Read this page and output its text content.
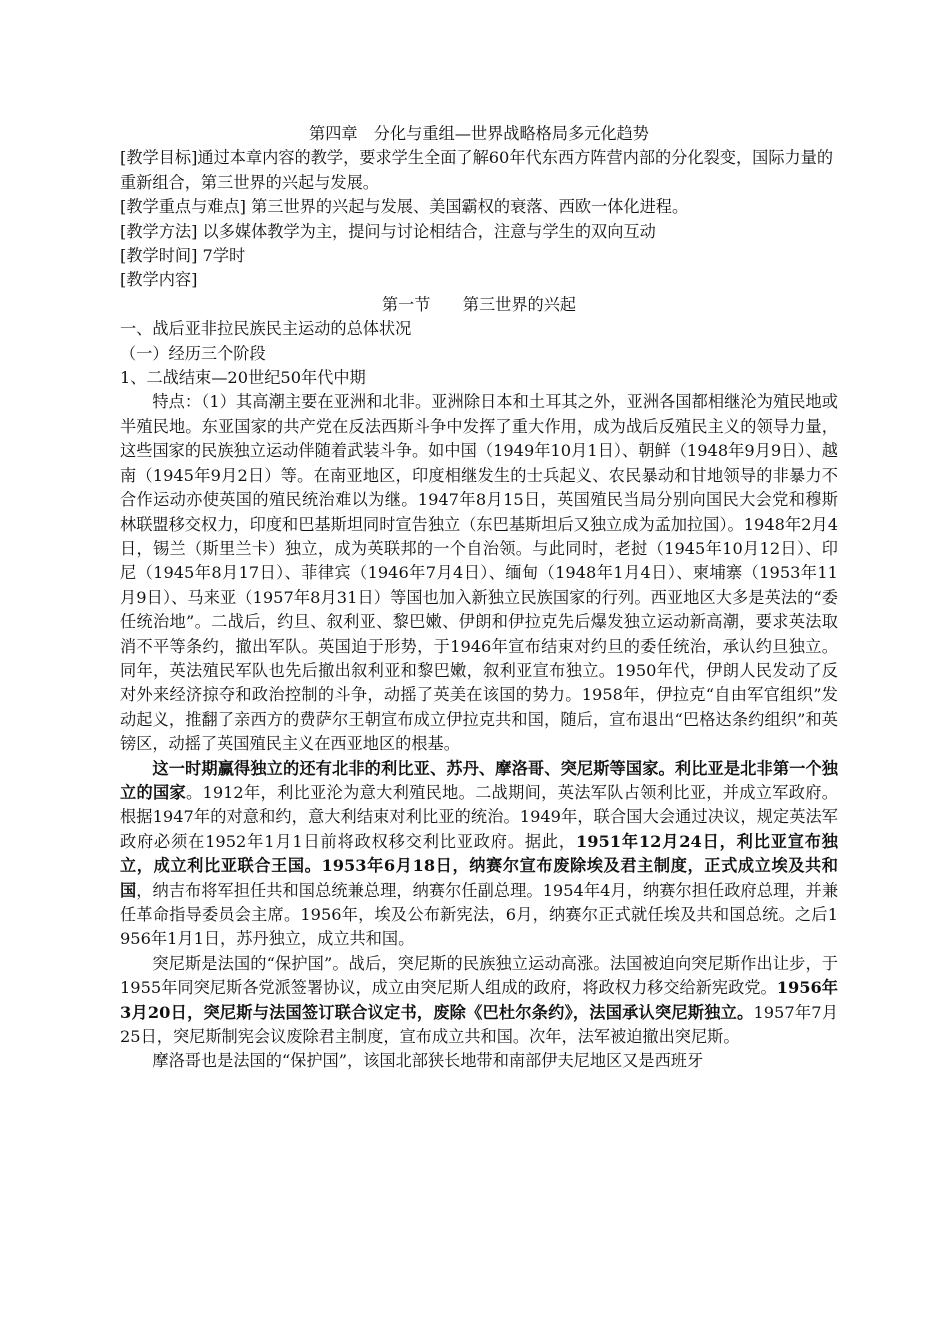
第四章　分化与重组—世界战略格局多元化趋势
[教学目标]通过本章内容的教学，要求学生全面了解60年代东西方阵营内部的分化裂变，国际力量的重新组合，第三世界的兴起与发展。
[教学重点与难点] 第三世界的兴起与发展、美国霸权的衰落、西欧一体化进程。
[教学方法] 以多媒体教学为主，提问与讨论相结合，注意与学生的双向互动
[教学时间] 7学时
[教学内容]
第一节　　第三世界的兴起
一、战后亚非拉民族民主运动的总体状况
（一）经历三个阶段
1、二战结束—20世纪50年代中期

特点：（1）其高潮主要在亚洲和北非。亚洲除日本和土耳其之外，亚洲各国都相继沦为殖民地或半殖民地。东亚国家的共产党在反法西斯斗争中发挥了重大作用，成为战后反殖民主义的领导力量，这些国家的民族独立运动伴随着武装斗争。如中国（1949年10月1日）、朝鲜（1948年9月9日）、越南（1945年9月2日）等。在南亚地区，印度相继发生的士兵起义、农民暴动和甘地领导的非暴力不合作运动亦使英国的殖民统治难以为继。1947年8月15日，英国殖民当局分别向国民大会党和穆斯林联盟移交权力，印度和巴基斯坦同时宣告独立（东巴基斯坦后又独立成为孟加拉国）。1948年2月4日，锡兰（斯里兰卡）独立，成为英联邦的一个自治领。与此同时，老挝（1945年10月12日）、印尼（1945年8月17日）、菲律宾（1946年7月4日）、缅甸（1948年1月4日）、柬埔寨（1953年11月9日）、马来亚（1957年8月31日）等国也加入新独立民族国家的行列。西亚地区大多是英法的“委任统治地”。二战后，约旦、叙利亚、黎巴嫩、伊朗和伊拉克先后爆发独立运动新高潮，要求英法取消不平等条约，撤出军队。英国迫于形势，于1946年宣布结束对约旦的委任统治，承认约旦独立。同年，英法殖民军队也先后撤出叙利亚和黎巴嫩，叙利亚宣布独立。1950年代，伊朗人民发动了反对外来经济掠夺和政治控制的斗争，动摇了英美在该国的势力。1958年，伊拉克“自由军官组织”发动起义，推翻了亲西方的费萨尔王朝宣布成立伊拉克共和国，随后，宣布退出“巴格达条约组织”和英镑区，动摇了英国殖民主义在西亚地区的根基。

这一时期赢得独立的还有北非的利比亚、苏丹、摩洛哥、突尼斯等国家。利比亚是北非第一个独立的国家。1912年，利比亚沦为意大利殖民地。二战期间，英法军队占领利比亚，并成立军政府。根据1947年的对意和约，意大利结束对利比亚的统治。1949年，联合国大会通过决议，规定英法军政府必须在1952年1月1日前将政权移交利比亚政府。据此，1951年12月24日，利比亚宣布独立，成立利比亚联合王国。1953年6月18日，纳赛尔宣布废除埃及君主制度，正式成立埃及共和国，纳吉布将军担任共和国总统兼总理，纳赛尔任副总理。1954年4月，纳赛尔担任政府总理，并兼任革命指导委员会主席。1956年，埃及公布新宪法，6月，纳赛尔正式就任埃及共和国总统。之后1956年1月1日，苏丹独立，成立共和国。

突尼斯是法国的“保护国”。战后，突尼斯的民族独立运动高涨。法国被迫向突尼斯作出让步，于1955年同突尼斯各党派签署协议，成立由突尼斯人组成的政府，将政权力移交给新宪政党。1956年3月20日，突尼斯与法国签订联合议定书，废除《巴杜尔条约》，法国承认突尼斯独立。1957年7月25日，突尼斯制宪会议废除君主制度，宣布成立共和国。次年，法军被迫撤出突尼斯。

摩洛哥也是法国的“保护国”，该国北部狭长地带和南部伊夫尼地区又是西班牙
